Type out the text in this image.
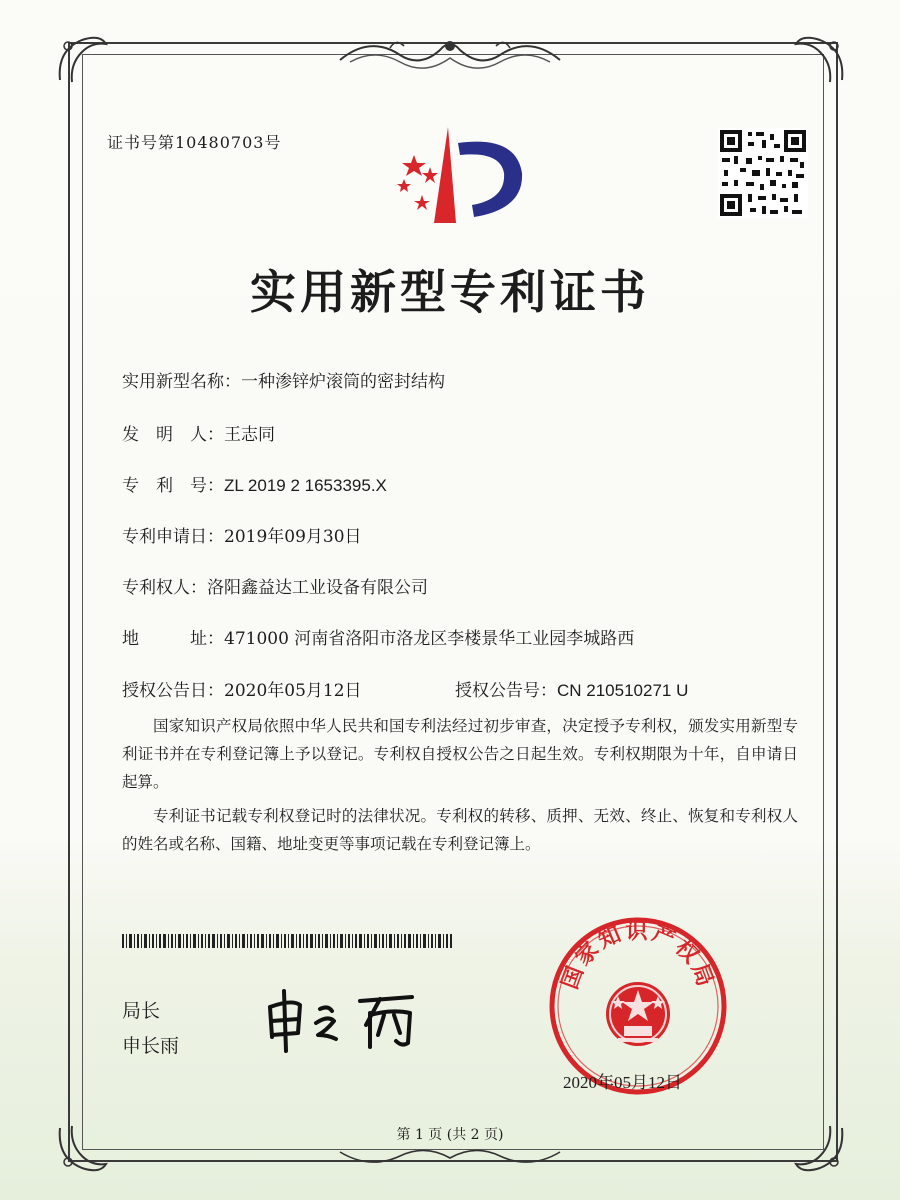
证书号第10480703号
实用新型专利证书
实用新型名称：一种渗锌炉滚筒的密封结构
发　明　人：王志同
专　利　号：ZL 2019 2 1653395.X
专利申请日：2019年09月30日
专利权人：洛阳鑫益达工业设备有限公司
地　　　址：471000 河南省洛阳市洛龙区李楼景华工业园李城路西
授权公告日：2020年05月12日	授权公告号：CN 210510271 U

国家知识产权局依照中华人民共和国专利法经过初步审查，决定授予专利权，颁发实用新型专利证书并在专利登记簿上予以登记。专利权自授权公告之日起生效。专利权期限为十年，自申请日起算。

专利证书记载专利权登记时的法律状况。专利权的转移、质押、无效、终止、恢复和专利权人的姓名或名称、国籍、地址变更等事项记载在专利登记簿上。

局长
申长雨
国家知识产权局
2020年05月12日
第 1 页 (共 2 页)
